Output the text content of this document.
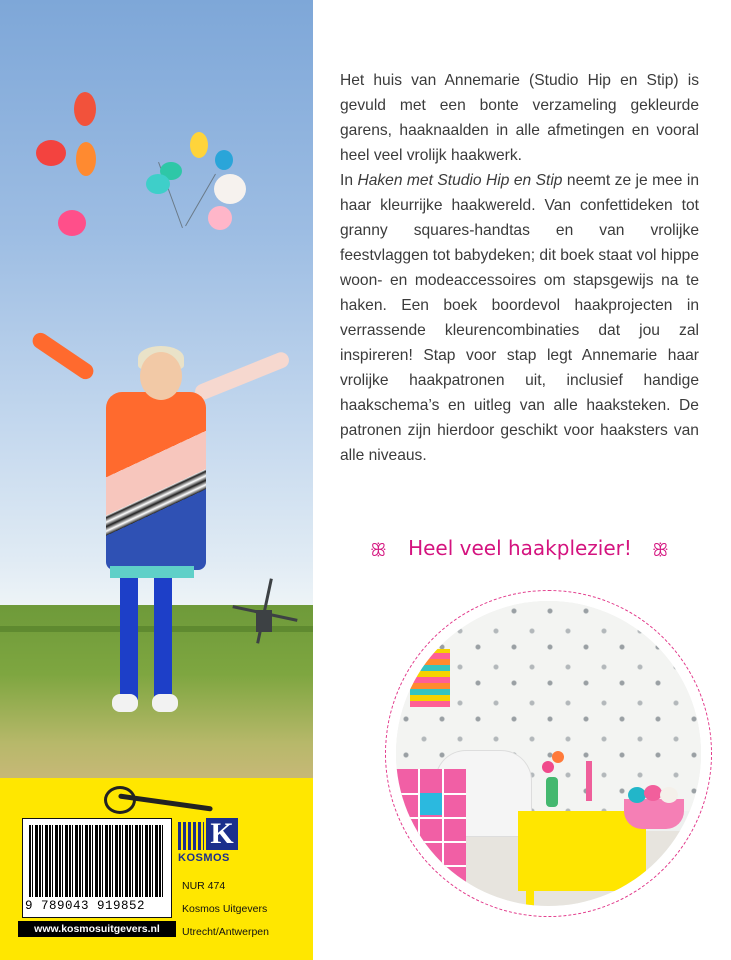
9 789043 919852
www.kosmosuitgevers.nl
K
KOSMOS
NUR 474
Kosmos Uitgevers
Utrecht/Antwerpen

Het huis van Annemarie (Studio Hip en Stip) is gevuld met een bonte verzameling gekleurde garens, haaknaalden in alle afmetingen en vooral heel veel vrolijk haakwerk.
In Haken met Studio Hip en Stip neemt ze je mee in haar kleurrijke haakwereld. Van confettideken tot granny squares-handtas en van vrolijke feestvlaggen tot babydeken; dit boek staat vol hippe woon- en modeaccessoires om stapsgewijs na te haken. Een boek boordevol haakprojecten in verrassende kleurencombinaties dat jou zal inspireren! Stap voor stap legt Annemarie haar vrolijke haakpatronen uit, inclusief handige haakschema’s en uitleg van alle haaksteken. De patronen zijn hierdoor geschikt voor haaksters van alle niveaus.

ꕥ	Heel veel haakplezier!	ꕥ
